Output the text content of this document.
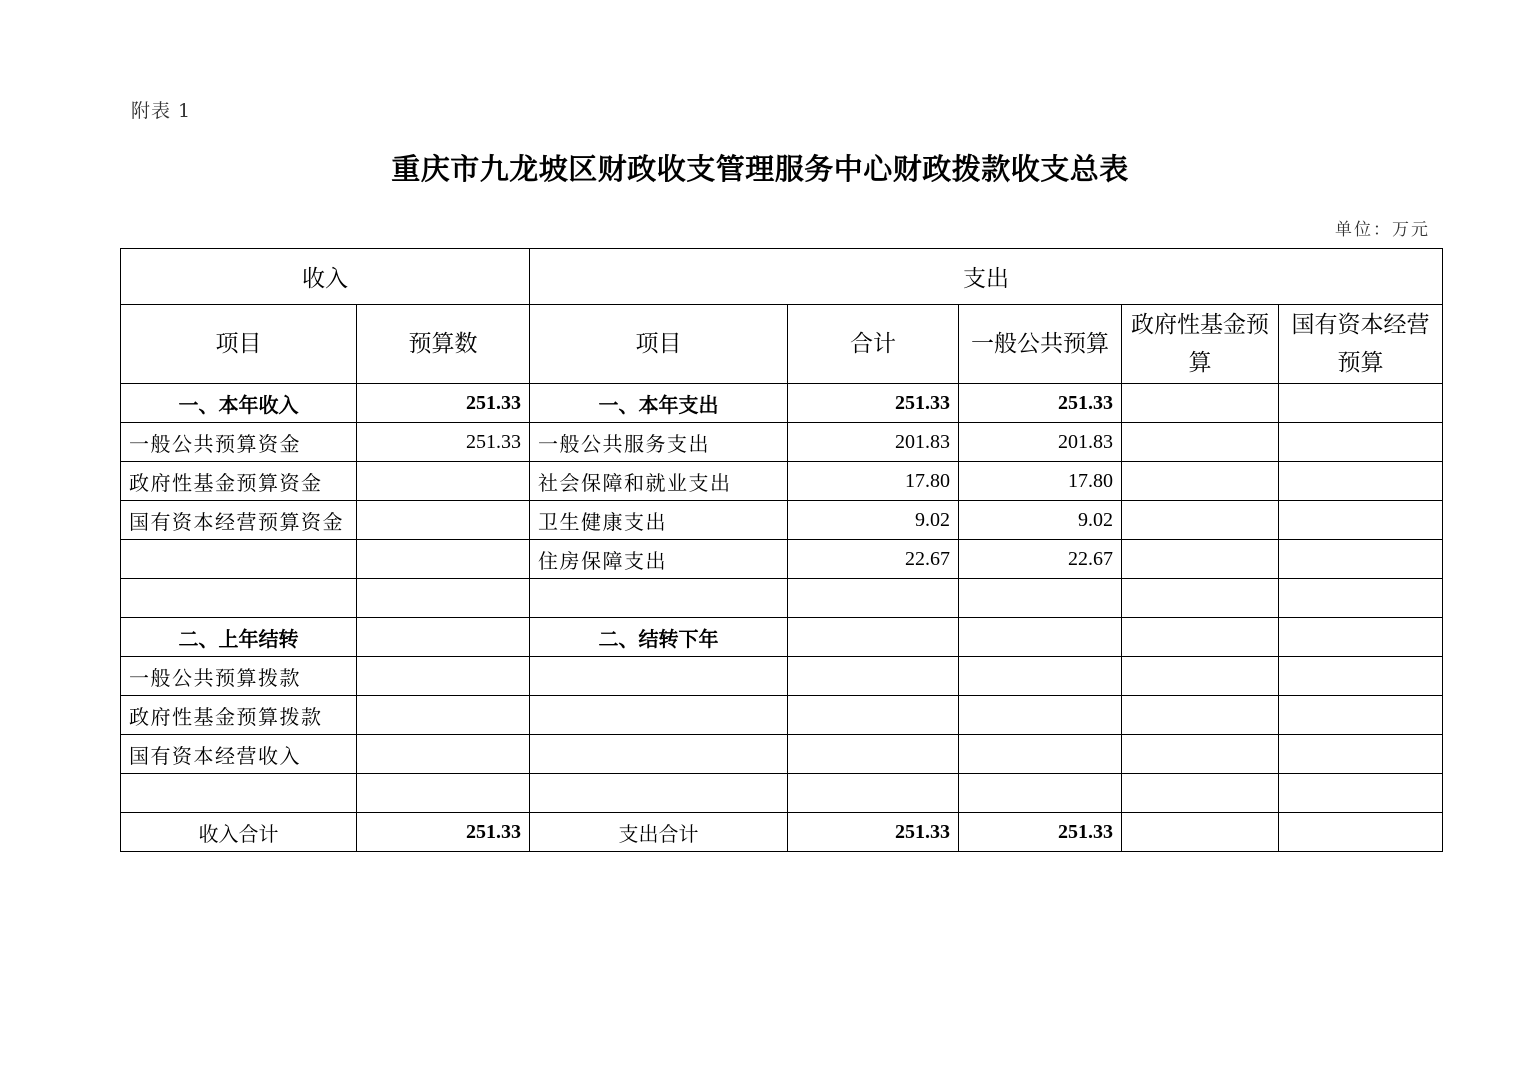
附表 1
重庆市九龙坡区财政收支管理服务中心财政拨款收支总表
单位：万元
收入		支出				
项目	预算数	项目	合计	一般公共预算	政府性基金预算	国有资本经营预算
一、本年收入	251.33	一、本年支出	251.33	251.33		
一般公共预算资金	251.33	一般公共服务支出	201.83	201.83		
政府性基金预算资金		社会保障和就业支出	17.80	17.80		
国有资本经营预算资金		卫生健康支出	9.02	9.02		
		住房保障支出	22.67	22.67		

二、上年结转		二、结转下年				
一般公共预算拨款						
政府性基金预算拨款						
国有资本经营收入						

收入合计	251.33	支出合计	251.33	251.33		
